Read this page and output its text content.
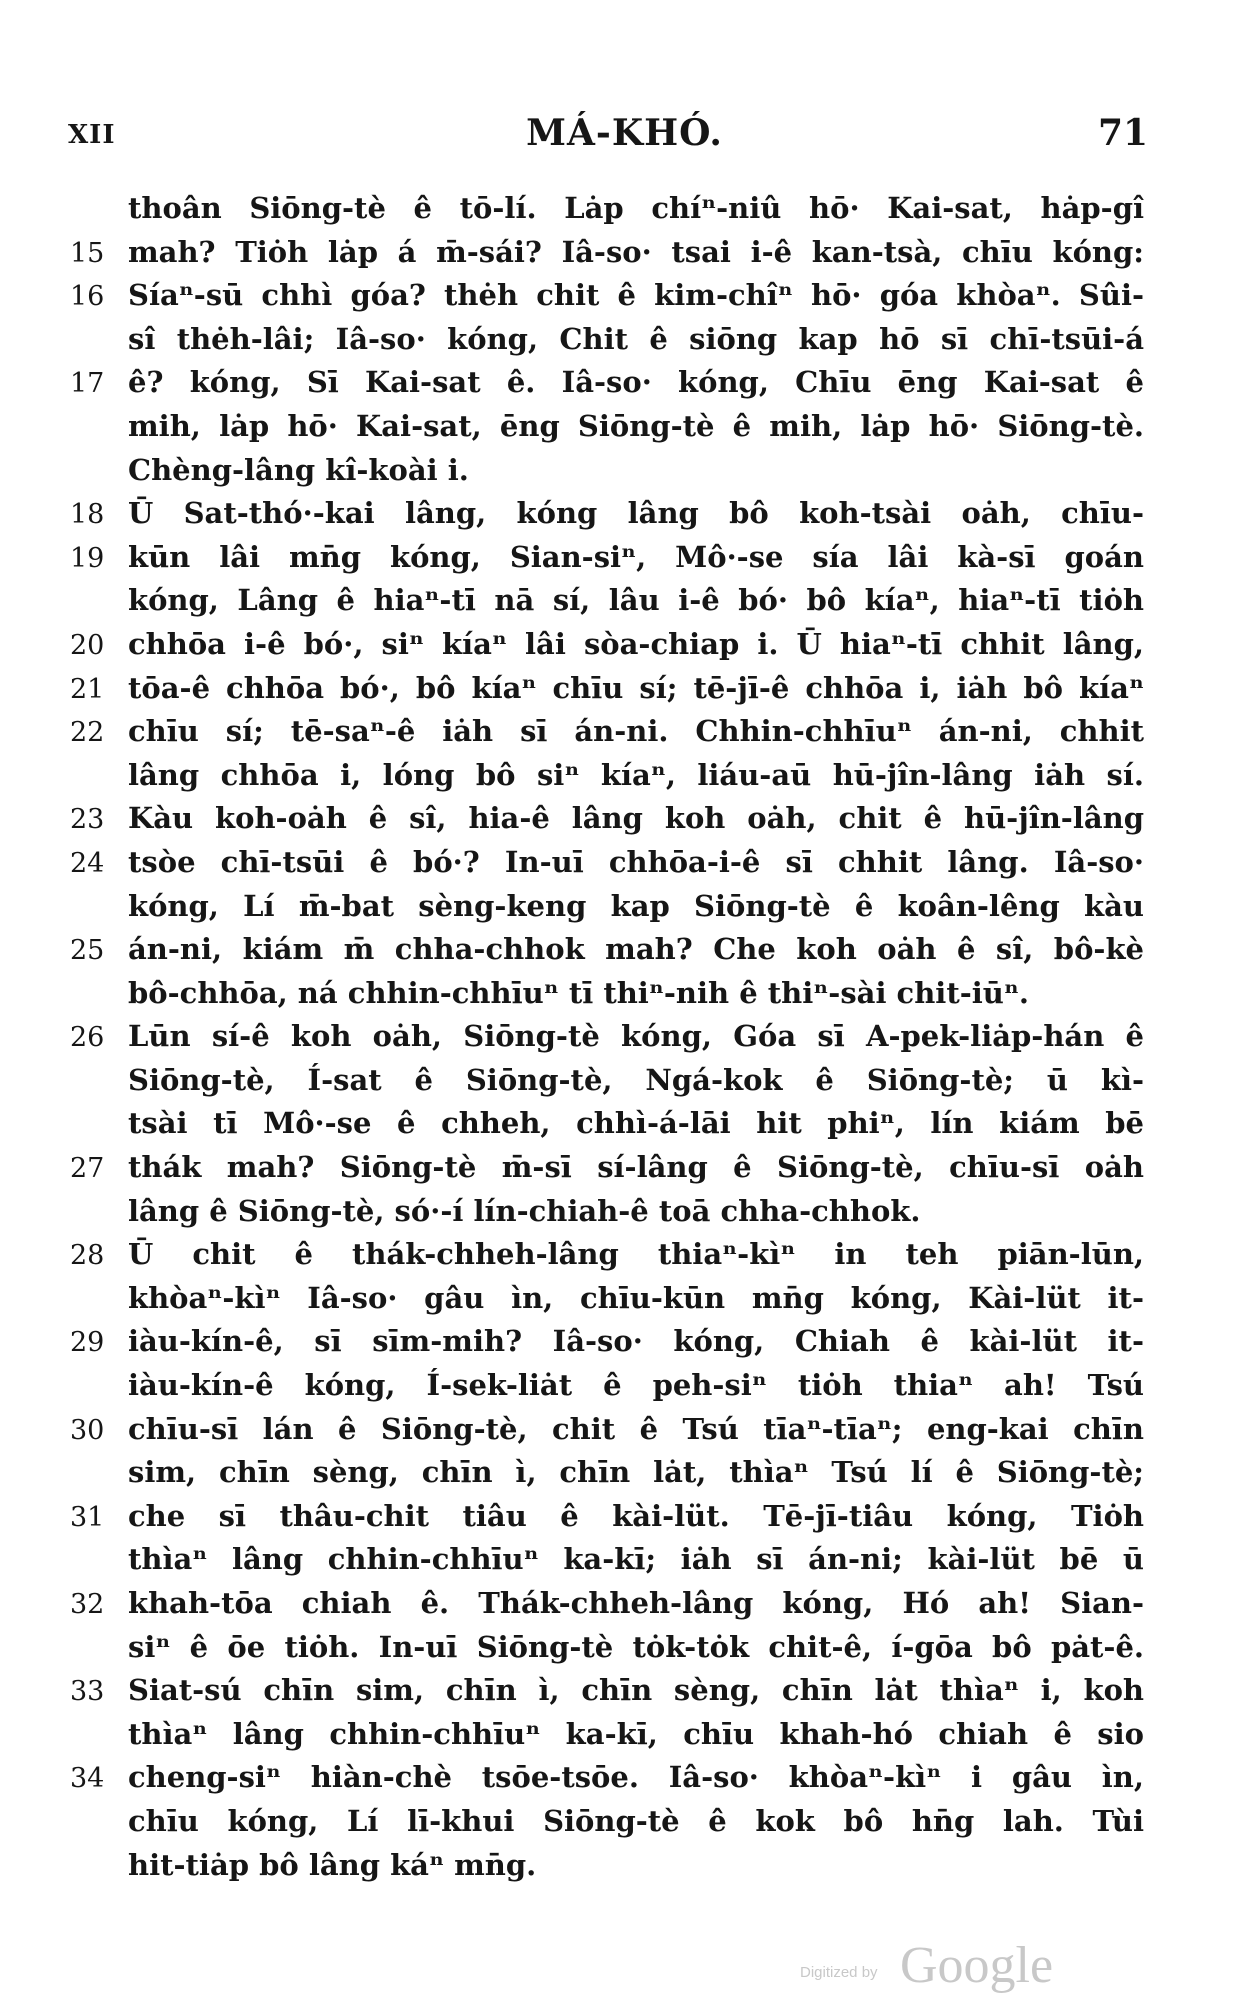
XII	MÁ-KHÓ.	71
thoân Siōng-tè ê tō-lí. Lȧp chíⁿ-niû hō· Kai-sat, hȧp-gî
15 mah? Tiȯh lȧp á m̄-sái? Iâ-so· tsai i-ê kan-tsà, chīu kóng:
16 Síaⁿ-sū chhì góa? thėh chit ê kim-chîⁿ hō· góa khòaⁿ. Sûi-
sî thėh-lâi; Iâ-so· kóng, Chit ê siōng kap hō sī chī-tsūi-á
17 ê? kóng, Sī Kai-sat ê. Iâ-so· kóng, Chīu ēng Kai-sat ê
mih, lȧp hō· Kai-sat, ēng Siōng-tè ê mih, lȧp hō· Siōng-tè.
Chèng-lâng kî-koài i.
18 Ū Sat-thó·-kai lâng, kóng lâng bô koh-tsài oȧh, chīu-
19 kūn lâi mn̄g kóng, Sian-siⁿ, Mô·-se sía lâi kà-sī goán
kóng, Lâng ê hiaⁿ-tī nā sí, lâu i-ê bó· bô kíaⁿ, hiaⁿ-tī tiȯh
20 chhōa i-ê bó·, siⁿ kíaⁿ lâi sòa-chiap i. Ū hiaⁿ-tī chhit lâng,
21 tōa-ê chhōa bó·, bô kíaⁿ chīu sí; tē-jī-ê chhōa i, iȧh bô kíaⁿ
22 chīu sí; tē-saⁿ-ê iȧh sī án-ni. Chhin-chhīuⁿ án-ni, chhit
lâng chhōa i, lóng bô siⁿ kíaⁿ, liáu-aū hū-jîn-lâng iȧh sí.
23 Kàu koh-oȧh ê sî, hia-ê lâng koh oȧh, chit ê hū-jîn-lâng
24 tsòe chī-tsūi ê bó·? In-uī chhōa-i-ê sī chhit lâng. Iâ-so·
kóng, Lí m̄-bat sèng-keng kap Siōng-tè ê koân-lêng kàu
25 án-ni, kiám m̄ chha-chhok mah? Che koh oȧh ê sî, bô-kè
bô-chhōa, ná chhin-chhīuⁿ tī thiⁿ-nih ê thiⁿ-sài chit-iūⁿ.
26 Lūn sí-ê koh oȧh, Siōng-tè kóng, Góa sī A-pek-liȧp-hán ê
Siōng-tè, Í-sat ê Siōng-tè, Ngá-kok ê Siōng-tè; ū kì-
tsài tī Mô·-se ê chheh, chhì-á-lāi hit phiⁿ, lín kiám bē
27 thák mah? Siōng-tè m̄-sī sí-lâng ê Siōng-tè, chīu-sī oȧh
lâng ê Siōng-tè, só·-í lín-chiah-ê toā chha-chhok.
28 Ū chit ê thák-chheh-lâng thiaⁿ-kìⁿ in teh piān-lūn,
khòaⁿ-kìⁿ Iâ-so· gâu ìn, chīu-kūn mn̄g kóng, Kài-lüt it-
29 iàu-kín-ê, sī sīm-mih? Iâ-so· kóng, Chiah ê kài-lüt it-
iàu-kín-ê kóng, Í-sek-liȧt ê peh-siⁿ tiȯh thiaⁿ ah! Tsú
30 chīu-sī lán ê Siōng-tè, chit ê Tsú tīaⁿ-tīaⁿ; eng-kai chīn
sim, chīn sèng, chīn ì, chīn lȧt, thìaⁿ Tsú lí ê Siōng-tè;
31 che sī thâu-chit tiâu ê kài-lüt. Tē-jī-tiâu kóng, Tiȯh
thìaⁿ lâng chhin-chhīuⁿ ka-kī; iȧh sī án-ni; kài-lüt bē ū
32 khah-tōa chiah ê. Thák-chheh-lâng kóng, Hó ah! Sian-
siⁿ ê ōe tiȯh. In-uī Siōng-tè tȯk-tȯk chit-ê, í-gōa bô pȧt-ê.
33 Siat-sú chīn sim, chīn ì, chīn sèng, chīn lȧt thìaⁿ i, koh
thìaⁿ lâng chhin-chhīuⁿ ka-kī, chīu khah-hó chiah ê sio
34 cheng-siⁿ hiàn-chè tsōe-tsōe. Iâ-so· khòaⁿ-kìⁿ i gâu ìn,
chīu kóng, Lí lī-khui Siōng-tè ê kok bô hn̄g lah. Tùi
hit-tiȧp bô lâng káⁿ mn̄g.
Digitized by Google
